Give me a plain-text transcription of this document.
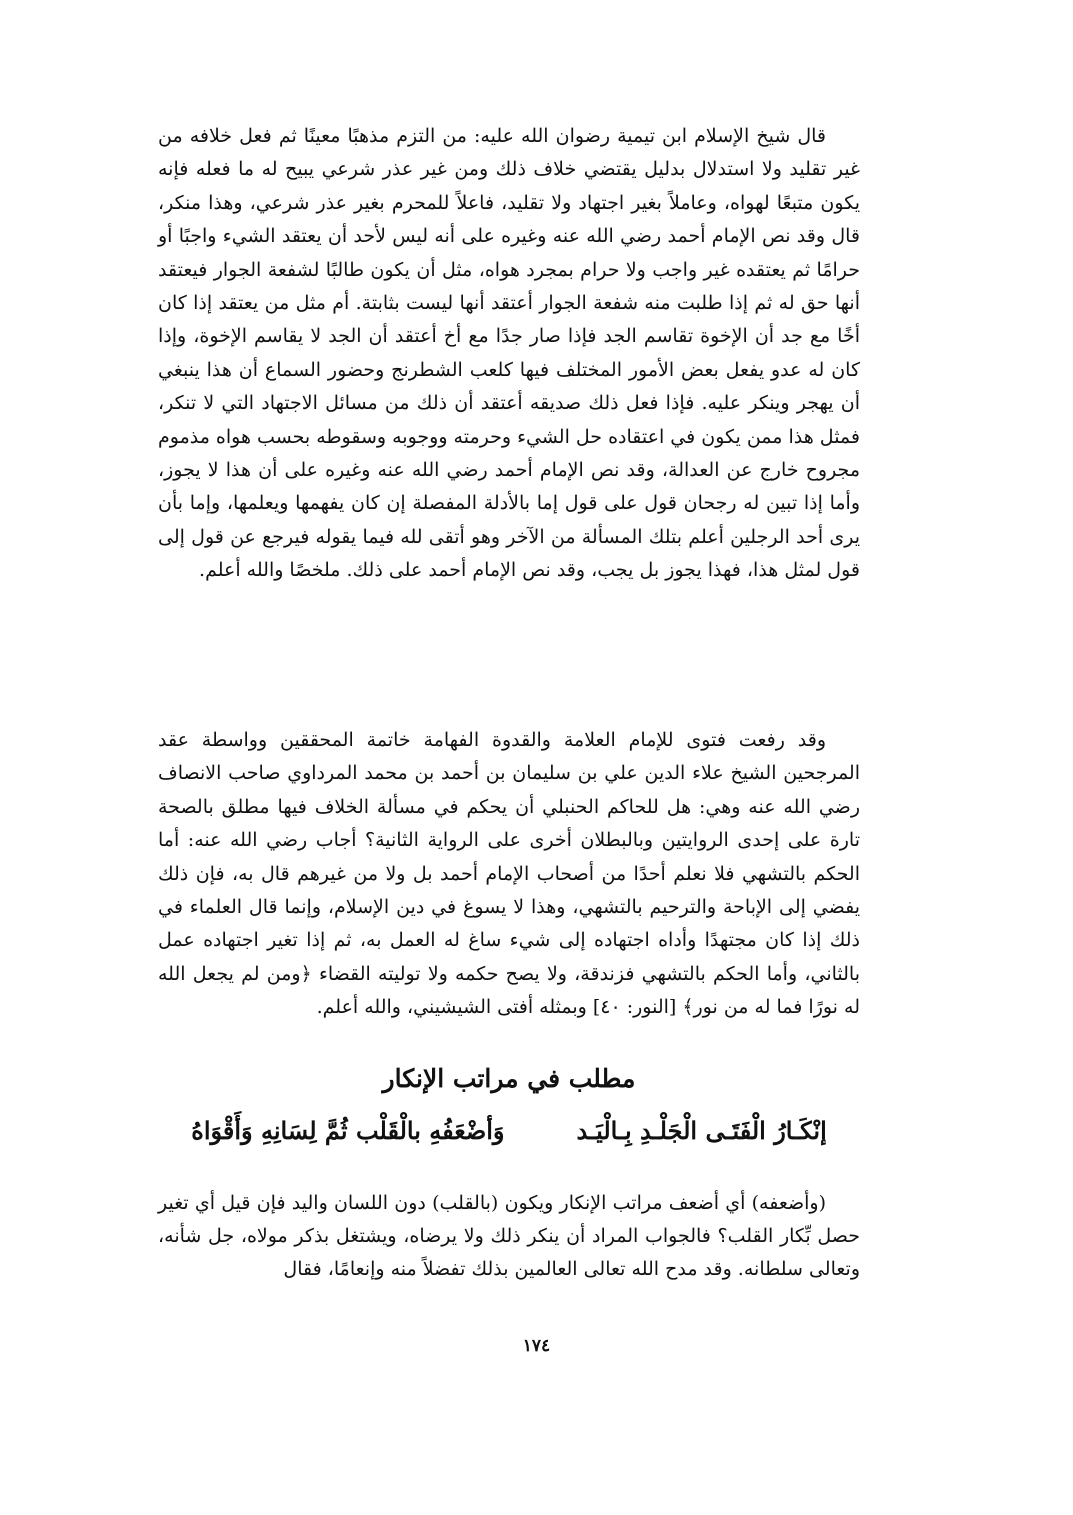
قال شيخ الإسلام ابن تيمية رضوان الله عليه: من التزم مذهبًا معينًا ثم فعل خلافه من غير تقليد ولا استدلال بدليل يقتضي خلاف ذلك ومن غير عذر شرعي يبيح له ما فعله فإنه يكون متبعًا لهواه، وعاملاً بغير اجتهاد ولا تقليد، فاعلاً للمحرم بغير عذر شرعي، وهذا منكر، قال وقد نص الإمام أحمد رضي الله عنه وغيره على أنه ليس لأحد أن يعتقد الشيء واجبًا أو حرامًا ثم يعتقده غير واجب ولا حرام بمجرد هواه، مثل أن يكون طالبًا لشفعة الجوار فيعتقد أنها حق له ثم إذا طلبت منه شفعة الجوار أعتقد أنها ليست بثابتة. أم مثل من يعتقد إذا كان أخًا مع جد أن الإخوة تقاسم الجد فإذا صار جدًا مع أخ أعتقد أن الجد لا يقاسم الإخوة، وإذا كان له عدو يفعل بعض الأمور المختلف فيها كلعب الشطرنج وحضور السماع أن هذا ينبغي أن يهجر وينكر عليه. فإذا فعل ذلك صديقه أعتقد أن ذلك من مسائل الاجتهاد التي لا تنكر، فمثل هذا ممن يكون في اعتقاده حل الشيء وحرمته ووجوبه وسقوطه بحسب هواه مذموم مجروح خارج عن العدالة، وقد نص الإمام أحمد رضي الله عنه وغيره على أن هذا لا يجوز، وأما إذا تبين له رجحان قول على قول إما بالأدلة المفصلة إن كان يفهمها ويعلمها، وإما بأن يرى أحد الرجلين أعلم بتلك المسألة من الآخر وهو أتقى لله فيما يقوله فيرجع عن قول إلى قول لمثل هذا، فهذا يجوز بل يجب، وقد نص الإمام أحمد على ذلك. ملخصًا والله أعلم.

وقد رفعت فتوى للإمام العلامة والقدوة الفهامة خاتمة المحققين وواسطة عقد المرجحين الشيخ علاء الدين علي بن سليمان بن أحمد بن محمد المرداوي صاحب الانصاف رضي الله عنه وهي: هل للحاكم الحنبلي أن يحكم في مسألة الخلاف فيها مطلق بالصحة تارة على إحدى الروايتين وبالبطلان أخرى على الرواية الثانية؟ أجاب رضي الله عنه: أما الحكم بالتشهي فلا نعلم أحدًا من أصحاب الإمام أحمد بل ولا من غيرهم قال به، فإن ذلك يفضي إلى الإباحة والترحيم بالتشهي، وهذا لا يسوغ في دين الإسلام، وإنما قال العلماء في ذلك إذا كان مجتهدًا وأداه اجتهاده إلى شيء ساغ له العمل به، ثم إذا تغير اجتهاده عمل بالثاني، وأما الحكم بالتشهي فزندقة، ولا يصح حكمه ولا توليته القضاء ﴿ومن لم يجعل الله له نورًا فما له من نور﴾ [النور: ٤٠] وبمثله أفتى الشيشيني، والله أعلم.

مطلب في مراتب الإنكار
إنْكَـارُ الْفَتَـى الْجَلْـدِ بِـالْيَـد
وَأضْعَفُهِ بالْقَلْب ثُمَّ لِسَانِهِ وَأَقْوَاهُ

(وأضعفه) أي أضعف مراتب الإنكار ويكون (بالقلب) دون اللسان واليد فإن قيل أي تغير حصل بِّكار القلب؟ فالجواب المراد أن ينكر ذلك ولا يرضاه، ويشتغل بذكر مولاه، جل شأنه، وتعالى سلطانه. وقد مدح الله تعالى العالمين بذلك تفضلاً منه وإنعامًا، فقال

١٧٤
